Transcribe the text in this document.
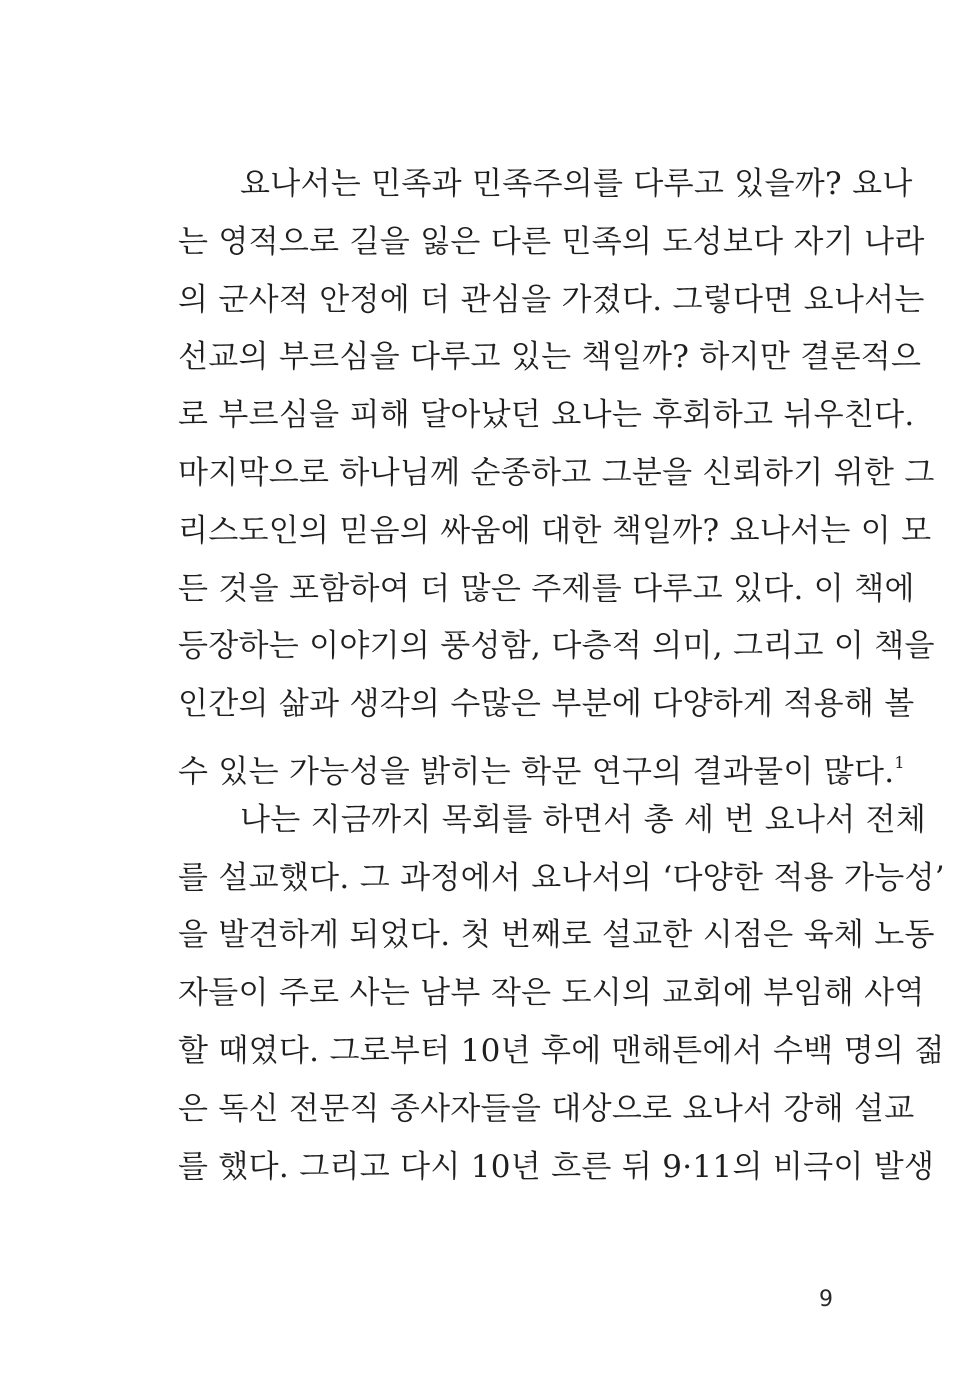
요나서는 민족과 민족주의를 다루고 있을까? 요나
는 영적으로 길을 잃은 다른 민족의 도성보다 자기 나라
의 군사적 안정에 더 관심을 가졌다. 그렇다면 요나서는
선교의 부르심을 다루고 있는 책일까? 하지만 결론적으
로 부르심을 피해 달아났던 요나는 후회하고 뉘우친다.
마지막으로 하나님께 순종하고 그분을 신뢰하기 위한 그
리스도인의 믿음의 싸움에 대한 책일까? 요나서는 이 모
든 것을 포함하여 더 많은 주제를 다루고 있다. 이 책에
등장하는 이야기의 풍성함, 다층적 의미, 그리고 이 책을
인간의 삶과 생각의 수많은 부분에 다양하게 적용해 볼
수 있는 가능성을 밝히는 학문 연구의 결과물이 많다.$^1$
나는 지금까지 목회를 하면서 총 세 번 요나서 전체
를 설교했다. 그 과정에서 요나서의 ‘다양한 적용 가능성’
을 발견하게 되었다. 첫 번째로 설교한 시점은 육체 노동
자들이 주로 사는 남부 작은 도시의 교회에 부임해 사역
할 때였다. 그로부터 10년 후에 맨해튼에서 수백 명의 젊
은 독신 전문직 종사자들을 대상으로 요나서 강해 설교
를 했다. 그리고 다시 10년 흐른 뒤 9·11의 비극이 발생
9
